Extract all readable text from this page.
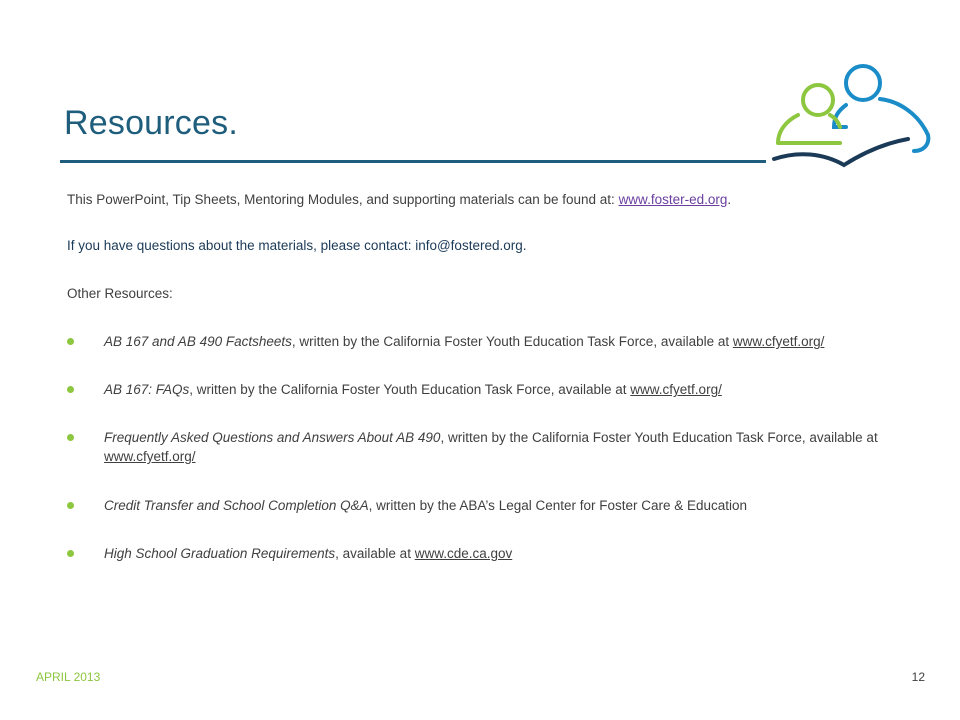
Resources.
This PowerPoint, Tip Sheets, Mentoring Modules, and supporting materials can be found at: www.foster-ed.org.
If you have questions about the materials, please contact: info@fostered.org.
Other Resources:
AB 167 and AB 490 Factsheets, written by the California Foster Youth Education Task Force, available at www.cfyetf.org/
AB 167: FAQs, written by the California Foster Youth Education Task Force, available at www.cfyetf.org/
Frequently Asked Questions and Answers About AB 490, written by the California Foster Youth Education Task Force, available at www.cfyetf.org/
Credit Transfer and School Completion Q&A, written by the ABA’s Legal Center for Foster Care & Education
High School Graduation Requirements, available at www.cde.ca.gov
APRIL 2013	12
